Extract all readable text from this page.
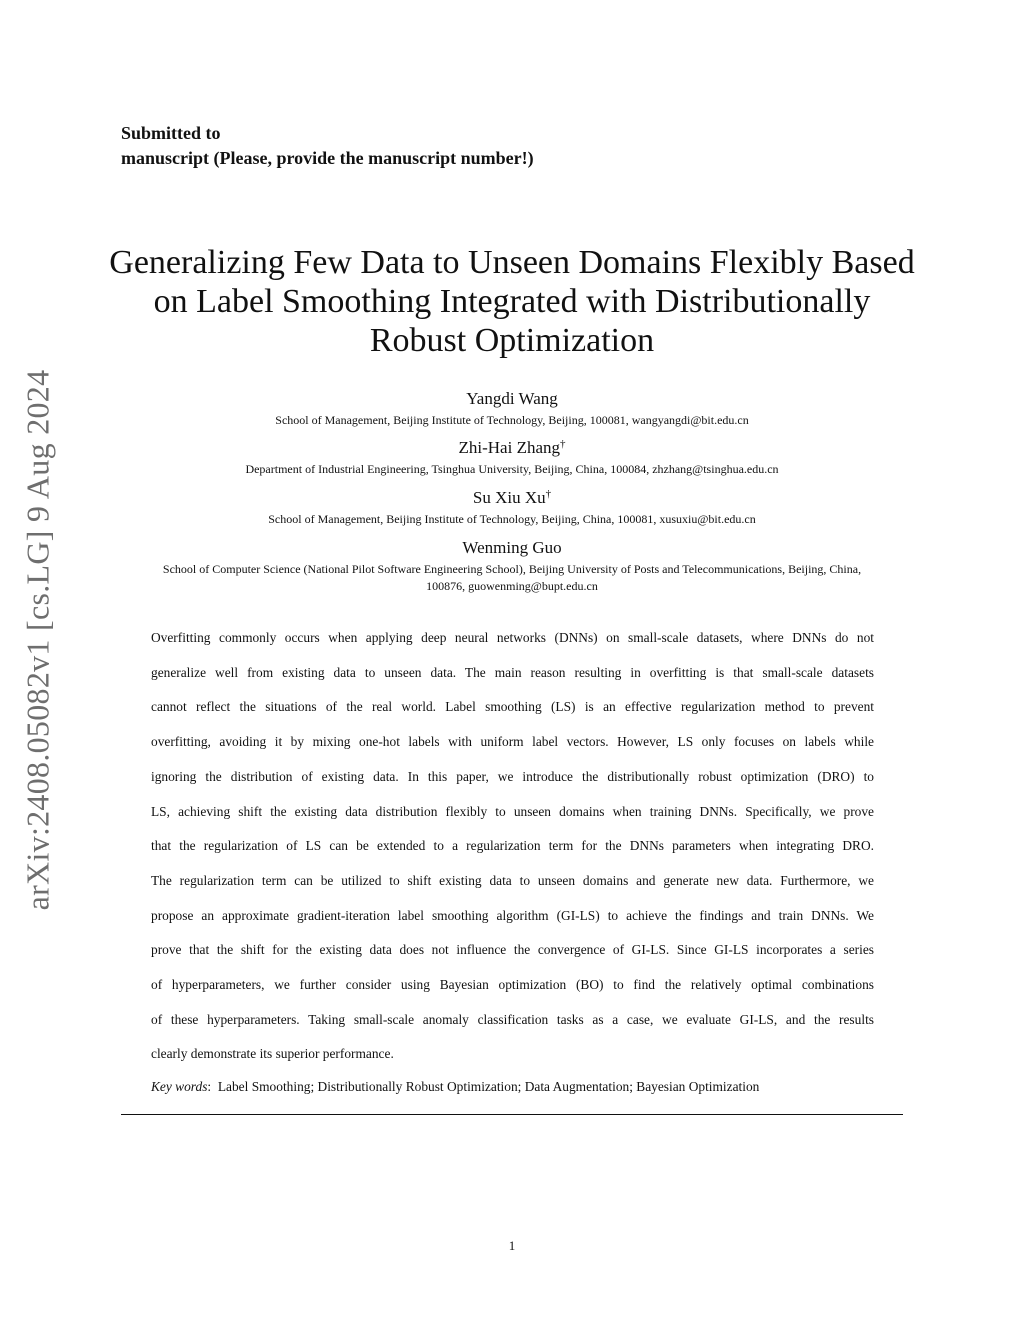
Submitted to
manuscript (Please, provide the manuscript number!)
arXiv:2408.05082v1 [cs.LG] 9 Aug 2024
Generalizing Few Data to Unseen Domains Flexibly Based
on Label Smoothing Integrated with Distributionally
Robust Optimization
Yangdi Wang
School of Management, Beijing Institute of Technology, Beijing, 100081, wangyangdi@bit.edu.cn
Zhi-Hai Zhang†
Department of Industrial Engineering, Tsinghua University, Beijing, China, 100084, zhzhang@tsinghua.edu.cn
Su Xiu Xu†
School of Management, Beijing Institute of Technology, Beijing, China, 100081, xusuxiu@bit.edu.cn
Wenming Guo
School of Computer Science (National Pilot Software Engineering School), Beijing University of Posts and Telecommunications, Beijing, China,
100876, guowenming@bupt.edu.cn
Overfitting commonly occurs when applying deep neural networks (DNNs) on small-scale datasets, where DNNs do not
generalize well from existing data to unseen data. The main reason resulting in overfitting is that small-scale datasets
cannot reflect the situations of the real world. Label smoothing (LS) is an effective regularization method to prevent
overfitting, avoiding it by mixing one-hot labels with uniform label vectors. However, LS only focuses on labels while
ignoring the distribution of existing data. In this paper, we introduce the distributionally robust optimization (DRO) to
LS, achieving shift the existing data distribution flexibly to unseen domains when training DNNs. Specifically, we prove
that the regularization of LS can be extended to a regularization term for the DNNs parameters when integrating DRO.
The regularization term can be utilized to shift existing data to unseen domains and generate new data. Furthermore, we
propose an approximate gradient-iteration label smoothing algorithm (GI-LS) to achieve the findings and train DNNs. We
prove that the shift for the existing data does not influence the convergence of GI-LS. Since GI-LS incorporates a series
of hyperparameters, we further consider using Bayesian optimization (BO) to find the relatively optimal combinations
of these hyperparameters. Taking small-scale anomaly classification tasks as a case, we evaluate GI-LS, and the results
clearly demonstrate its superior performance.
Key words: Label Smoothing; Distributionally Robust Optimization; Data Augmentation; Bayesian Optimization
1
